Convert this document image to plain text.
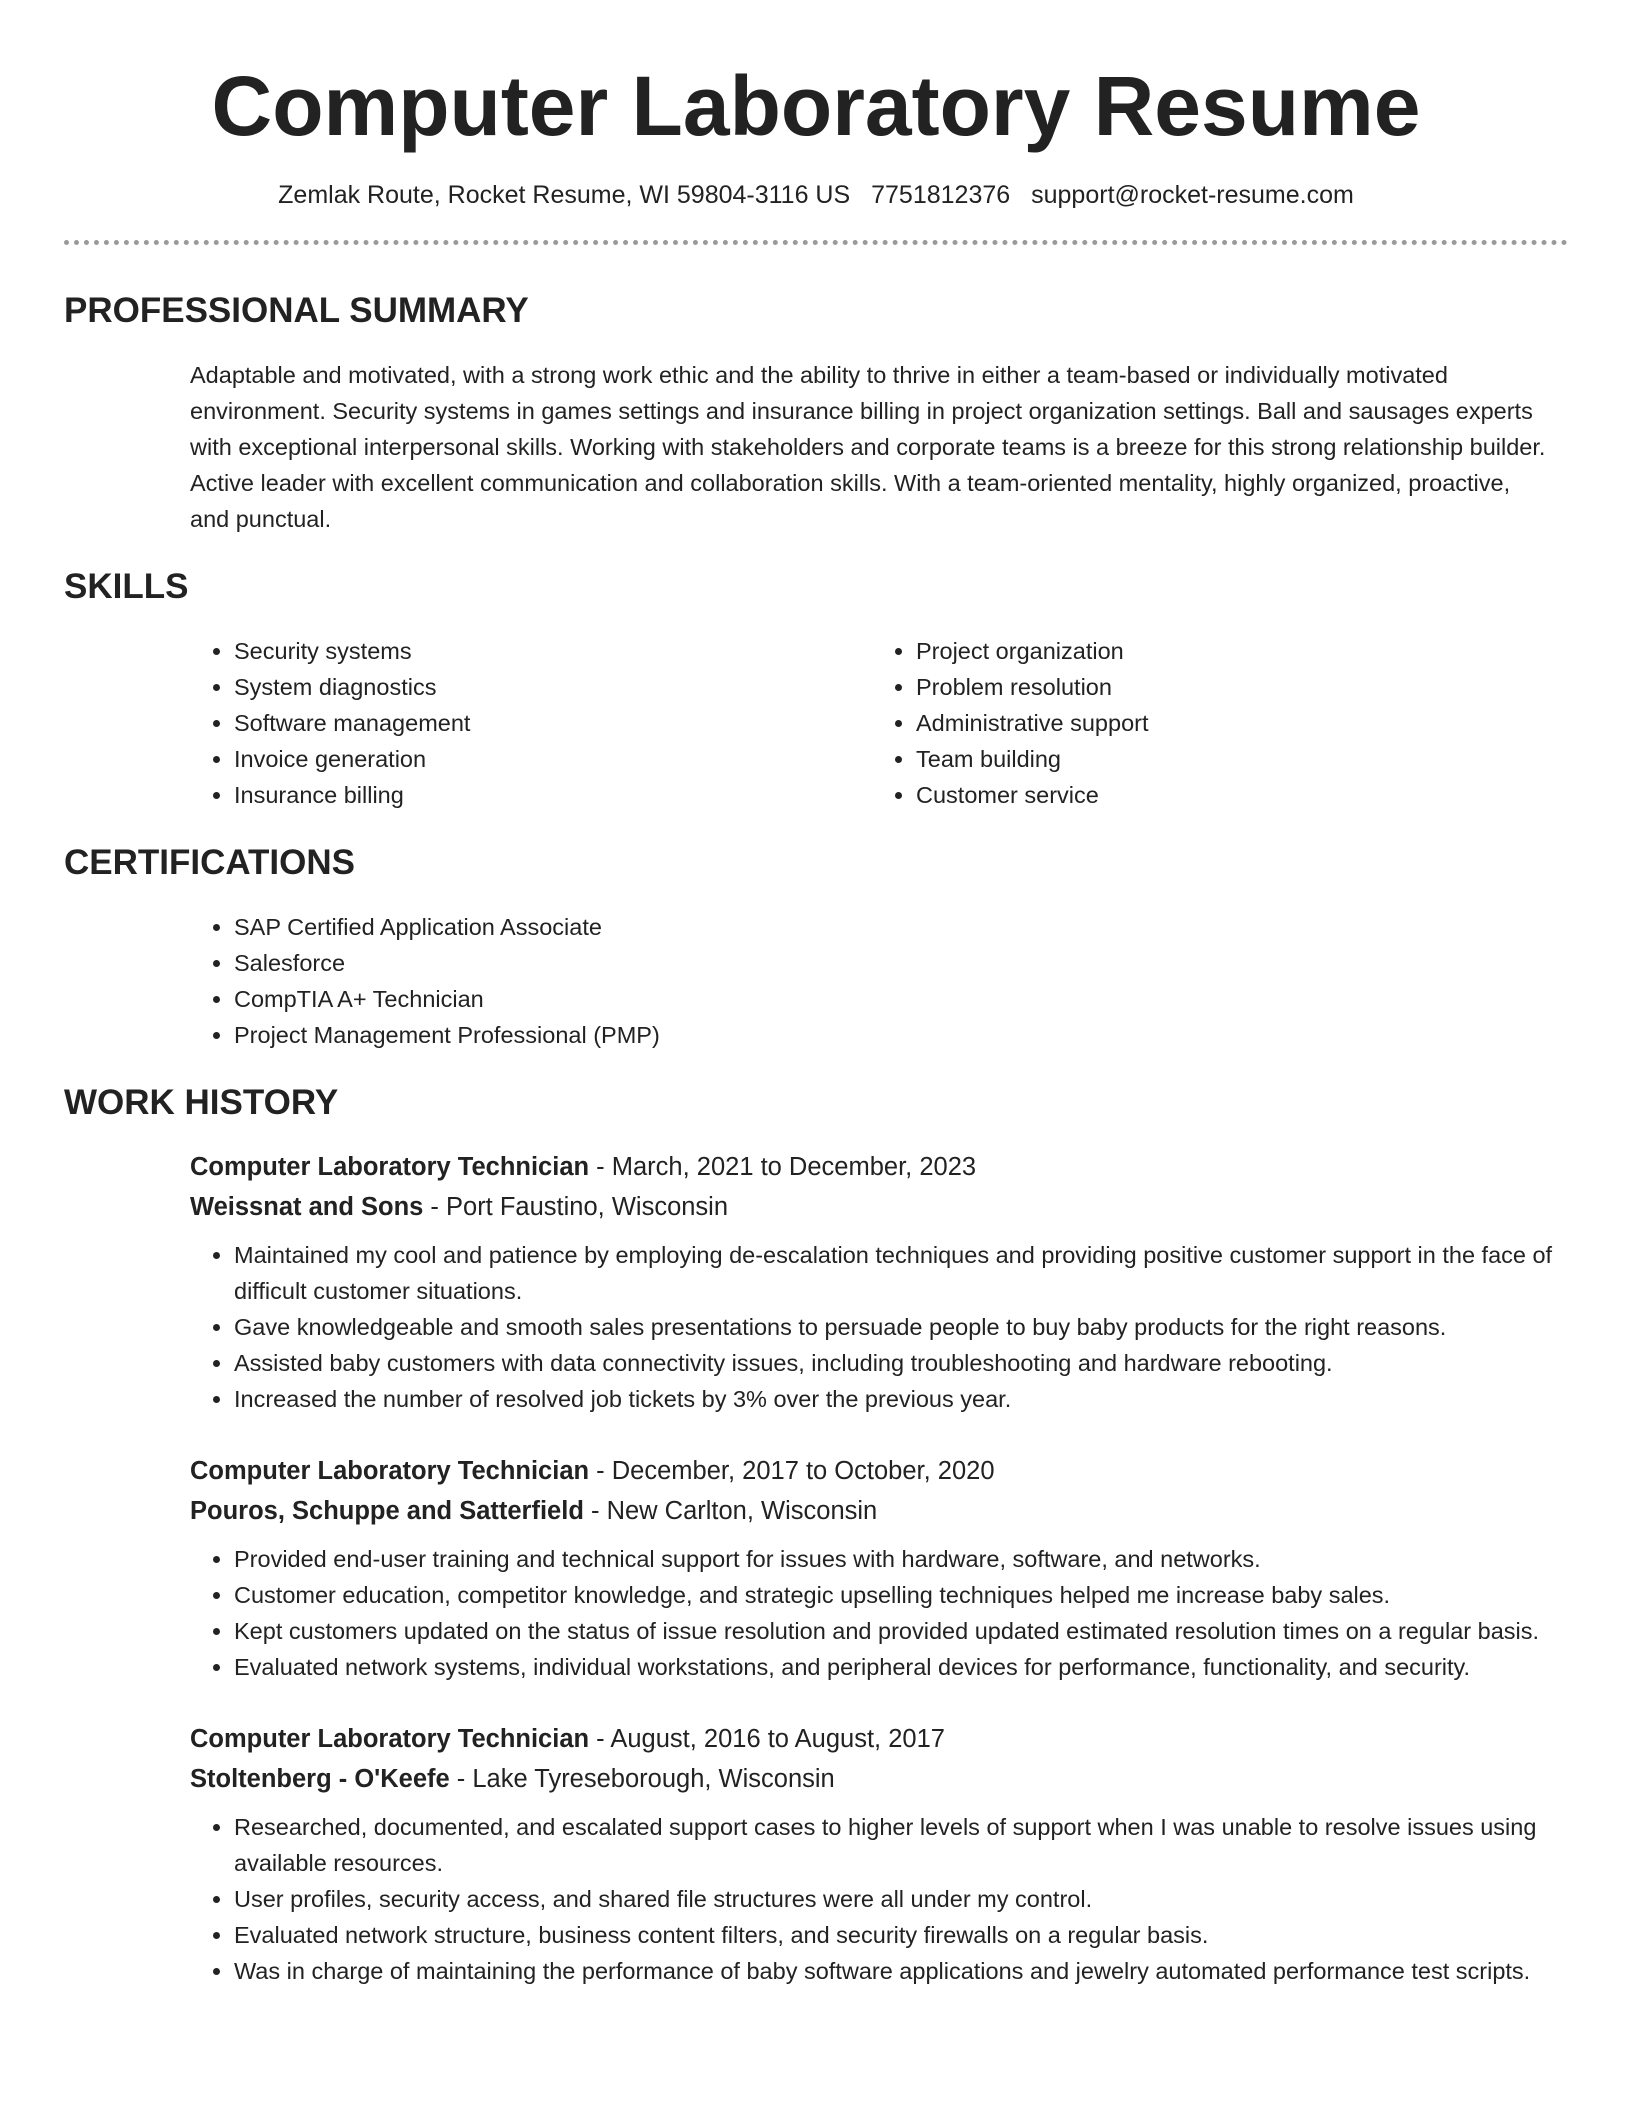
Computer Laboratory Resume
Zemlak Route, Rocket Resume, WI 59804-3116 US 7751812376 support@rocket-resume.com
PROFESSIONAL SUMMARY

Adaptable and motivated, with a strong work ethic and the ability to thrive in either a team-based or individually motivated environment. Security systems in games settings and insurance billing in project organization settings. Ball and sausages experts with exceptional interpersonal skills. Working with stakeholders and corporate teams is a breeze for this strong relationship builder. Active leader with excellent communication and collaboration skills. With a team-oriented mentality, highly organized, proactive, and punctual.

SKILLS
• Security systems
• System diagnostics
• Software management
• Invoice generation
• Insurance billing
• Project organization
• Problem resolution
• Administrative support
• Team building
• Customer service
CERTIFICATIONS
• SAP Certified Application Associate
• Salesforce
• CompTIA A+ Technician
• Project Management Professional (PMP)
WORK HISTORY
Computer Laboratory Technician - March, 2021 to December, 2023
Weissnat and Sons - Port Faustino, Wisconsin
• Maintained my cool and patience by employing de-escalation techniques and providing positive customer support in the face of difficult customer situations.
• Gave knowledgeable and smooth sales presentations to persuade people to buy baby products for the right reasons.
• Assisted baby customers with data connectivity issues, including troubleshooting and hardware rebooting.
• Increased the number of resolved job tickets by 3% over the previous year.
Computer Laboratory Technician - December, 2017 to October, 2020
Pouros, Schuppe and Satterfield - New Carlton, Wisconsin
• Provided end-user training and technical support for issues with hardware, software, and networks.
• Customer education, competitor knowledge, and strategic upselling techniques helped me increase baby sales.
• Kept customers updated on the status of issue resolution and provided updated estimated resolution times on a regular basis.
• Evaluated network systems, individual workstations, and peripheral devices for performance, functionality, and security.
Computer Laboratory Technician - August, 2016 to August, 2017
Stoltenberg - O'Keefe - Lake Tyreseborough, Wisconsin
• Researched, documented, and escalated support cases to higher levels of support when I was unable to resolve issues using available resources.
• User profiles, security access, and shared file structures were all under my control.
• Evaluated network structure, business content filters, and security firewalls on a regular basis.
• Was in charge of maintaining the performance of baby software applications and jewelry automated performance test scripts.
